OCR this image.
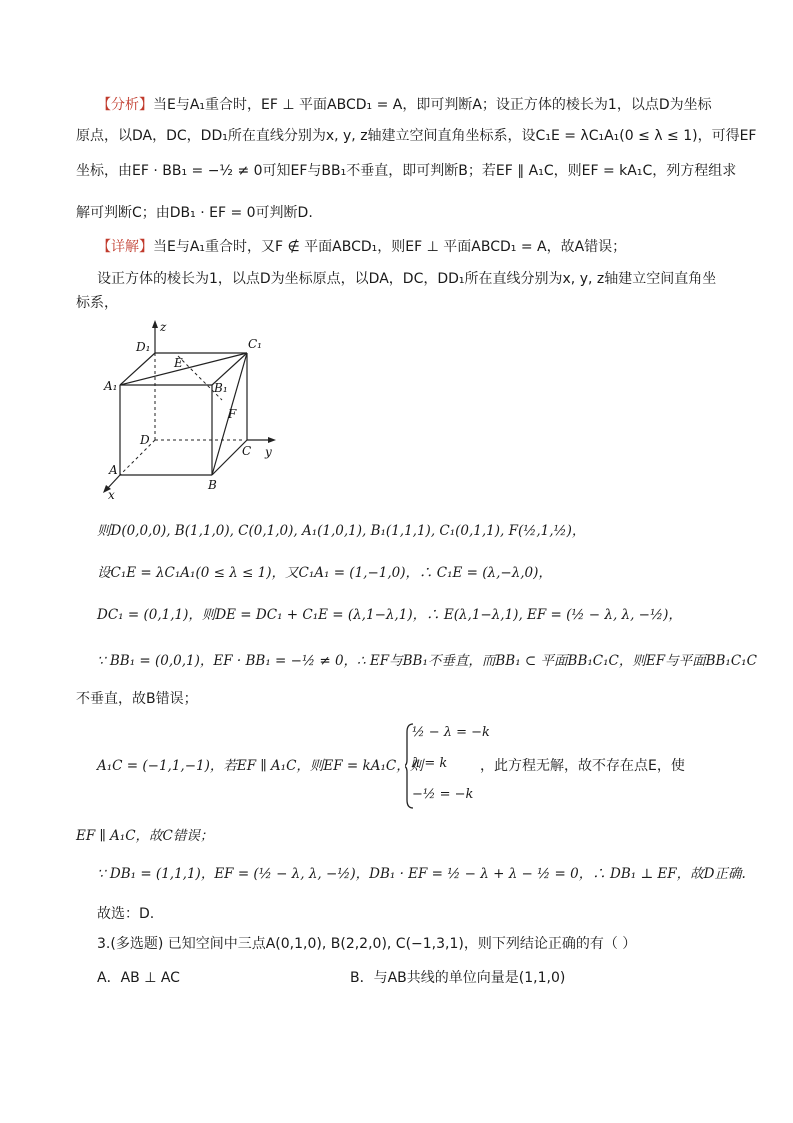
【分析】当E与A₁重合时，EF ⊥ 平面ABCD₁ = A，即可判断A；设正方体的棱长为1，以点D为坐标
原点，以DA，DC，DD₁所在直线分别为x, y, z轴建立空间直角坐标系，设C₁E = λC₁A₁(0 ≤ λ ≤ 1)，可得EF
坐标，由EF · BB₁ = −½ ≠ 0可知EF与BB₁不垂直，即可判断B；若EF ∥ A₁C，则EF = kA₁C，列方程组求
解可判断C；由DB₁ · EF = 0可判断D.
【详解】当E与A₁重合时，又F ∉ 平面ABCD₁，则EF ⊥ 平面ABCD₁ = A，故A错误；
设正方体的棱长为1，以点D为坐标原点，以DA，DC，DD₁所在直线分别为x, y, z轴建立空间直角坐
标系，
z
y
x
D₁	C₁
A₁	B₁
E
F
D
C
A
B
则D(0,0,0), B(1,1,0), C(0,1,0), A₁(1,0,1), B₁(1,1,1), C₁(0,1,1), F(½,1,½)，
设C₁E = λC₁A₁(0 ≤ λ ≤ 1)，又C₁A₁ = (1,−1,0)，∴ C₁E = (λ,−λ,0)，
DC₁ = (0,1,1)，则DE = DC₁ + C₁E = (λ,1−λ,1)，∴ E(λ,1−λ,1), EF = (½ − λ, λ, −½)，
∵ BB₁ = (0,0,1)，EF · BB₁ = −½ ≠ 0，∴ EF与BB₁不垂直，而BB₁ ⊂ 平面BB₁C₁C，则EF与平面BB₁C₁C
不垂直，故B错误；
A₁C = (−1,1,−1)，若EF ∥ A₁C，则EF = kA₁C，则
½ − λ = −k
λ = k
−½ = −k
，此方程无解，故不存在点E，使
EF ∥ A₁C，故C错误；
∵ DB₁ = (1,1,1)，EF = (½ − λ, λ, −½)，DB₁ · EF = ½ − λ + λ − ½ = 0，∴ DB₁ ⊥ EF，故D正确.
故选：D.
3.(多选题) 已知空间中三点A(0,1,0), B(2,2,0), C(−1,3,1)，则下列结论正确的有（ ）
A．AB ⊥ AC	B．与AB共线的单位向量是(1,1,0)
